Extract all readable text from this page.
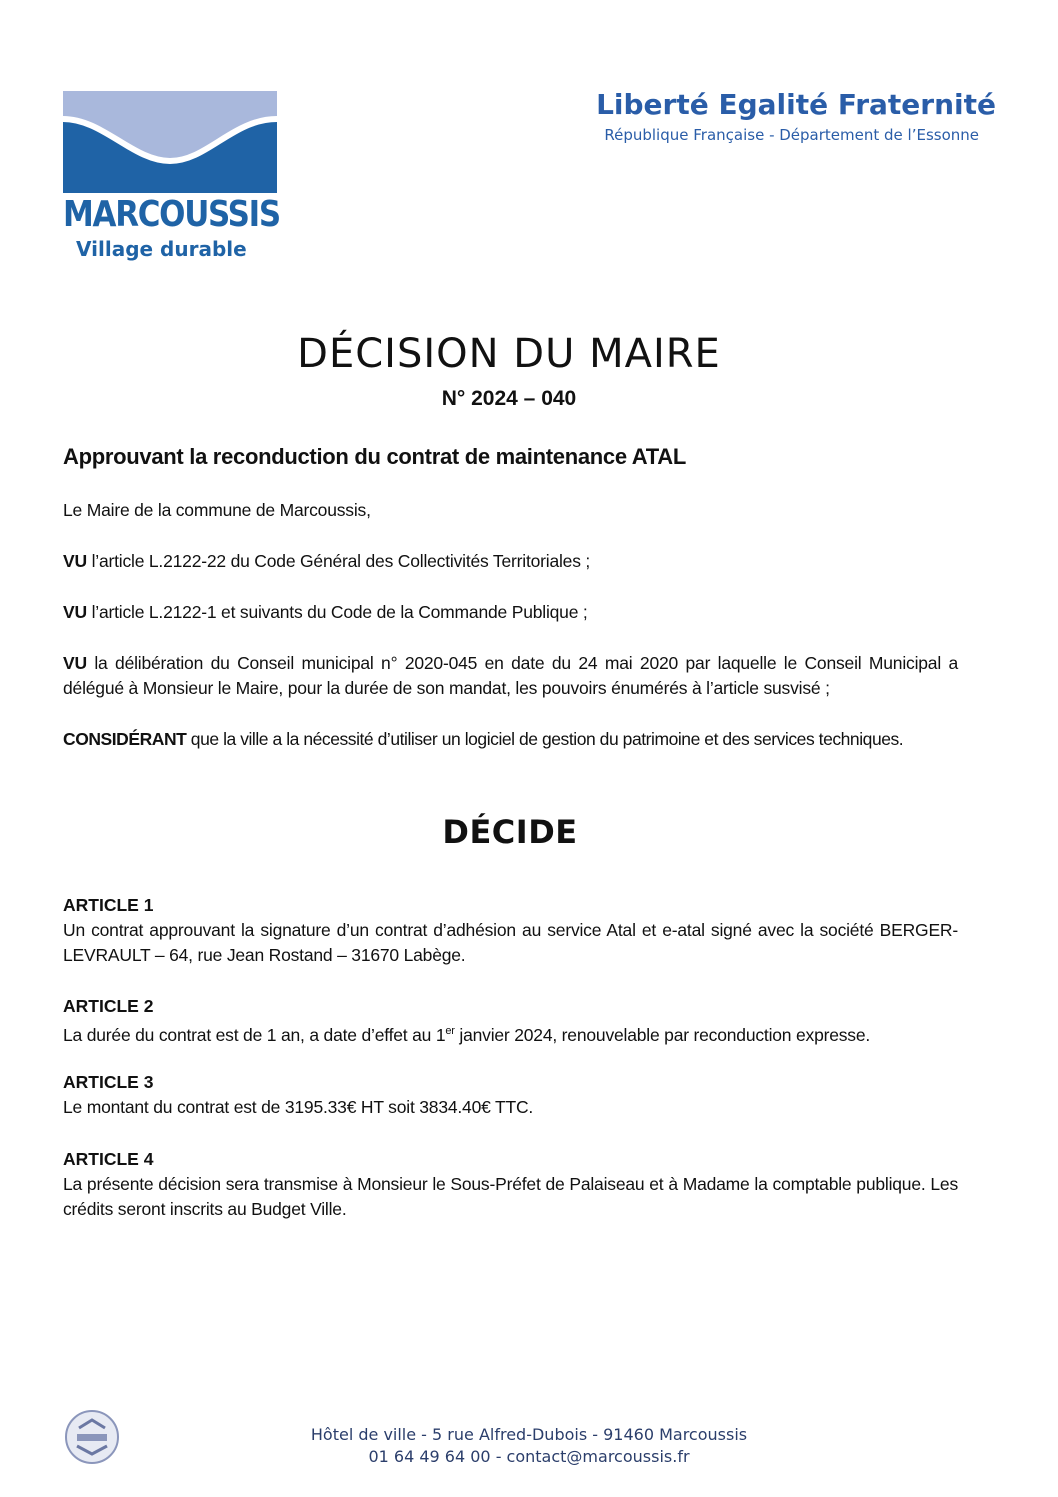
MARCOUSSIS
Village durable
Liberté Egalité Fraternité
République Française - Département de l’Essonne
DÉCISION DU MAIRE
N° 2024 – 040
Approuvant la reconduction du contrat de maintenance ATAL
Le Maire de la commune de Marcoussis,
VU l’article L.2122-22 du Code Général des Collectivités Territoriales ;
VU l’article L.2122-1 et suivants du Code de la Commande Publique ;
VU la délibération du Conseil municipal n° 2020-045 en date du 24 mai 2020 par laquelle le Conseil Municipal a délégué à Monsieur le Maire, pour la durée de son mandat, les pouvoirs énumérés à l’article susvisé ;
CONSIDÉRANT que la ville a la nécessité d’utiliser un logiciel de gestion du patrimoine et des services techniques.
DÉCIDE
ARTICLE 1
Un contrat approuvant la signature d’un contrat d’adhésion au service Atal et e-atal signé avec la société BERGER-LEVRAULT – 64, rue Jean Rostand – 31670 Labège.
ARTICLE 2
La durée du contrat est de 1 an, a date d’effet au 1er janvier 2024, renouvelable par reconduction expresse.
ARTICLE 3
Le montant du contrat est de 3195.33€ HT soit 3834.40€ TTC.
ARTICLE 4
La présente décision sera transmise à Monsieur le Sous-Préfet de Palaiseau et à Madame la comptable publique. Les crédits seront inscrits au Budget Ville.
Hôtel de ville - 5 rue Alfred-Dubois - 91460 Marcoussis
01 64 49 64 00 - contact@marcoussis.fr
